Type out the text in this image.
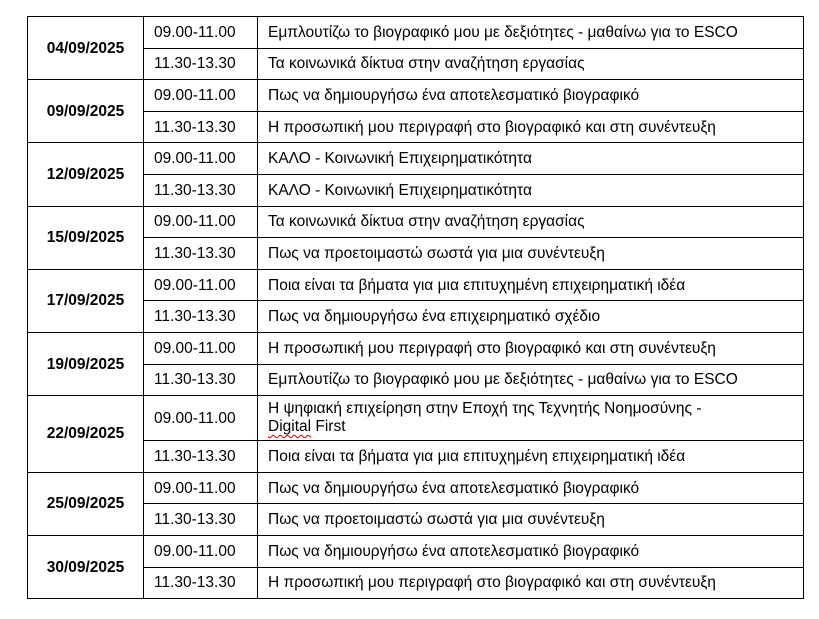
04/09/2025	09.00-11.00	Εμπλουτίζω το βιογραφικό μου με δεξιότητες - μαθαίνω για το ESCO
	11.30-13.30	Τα κοινωνικά δίκτυα στην αναζήτηση εργασίας
09/09/2025	09.00-11.00	Πως να δημιουργήσω ένα αποτελεσματικό βιογραφικό
	11.30-13.30	Η προσωπική μου περιγραφή στο βιογραφικό και στη συνέντευξη
12/09/2025	09.00-11.00	ΚΑΛΟ - Κοινωνική Επιχειρηματικότητα
	11.30-13.30	ΚΑΛΟ - Κοινωνική Επιχειρηματικότητα
15/09/2025	09.00-11.00	Τα κοινωνικά δίκτυα στην αναζήτηση εργασίας
	11.30-13.30	Πως να προετοιμαστώ σωστά για μια συνέντευξη
17/09/2025	09.00-11.00	Ποια είναι τα βήματα για μια επιτυχημένη επιχειρηματική ιδέα
	11.30-13.30	Πως να δημιουργήσω ένα επιχειρηματικό σχέδιο
19/09/2025	09.00-11.00	Η προσωπική μου περιγραφή στο βιογραφικό και στη συνέντευξη
	11.30-13.30	Εμπλουτίζω το βιογραφικό μου με δεξιότητες - μαθαίνω για το ESCO
22/09/2025	09.00-11.00	Η ψηφιακή επιχείρηση στην Εποχή της Τεχνητής Νοημοσύνης -
Digital First
	11.30-13.30	Ποια είναι τα βήματα για μια επιτυχημένη επιχειρηματική ιδέα
25/09/2025	09.00-11.00	Πως να δημιουργήσω ένα αποτελεσματικό βιογραφικό
	11.30-13.30	Πως να προετοιμαστώ σωστά για μια συνέντευξη
30/09/2025	09.00-11.00	Πως να δημιουργήσω ένα αποτελεσματικό βιογραφικό
	11.30-13.30	Η προσωπική μου περιγραφή στο βιογραφικό και στη συνέντευξη
